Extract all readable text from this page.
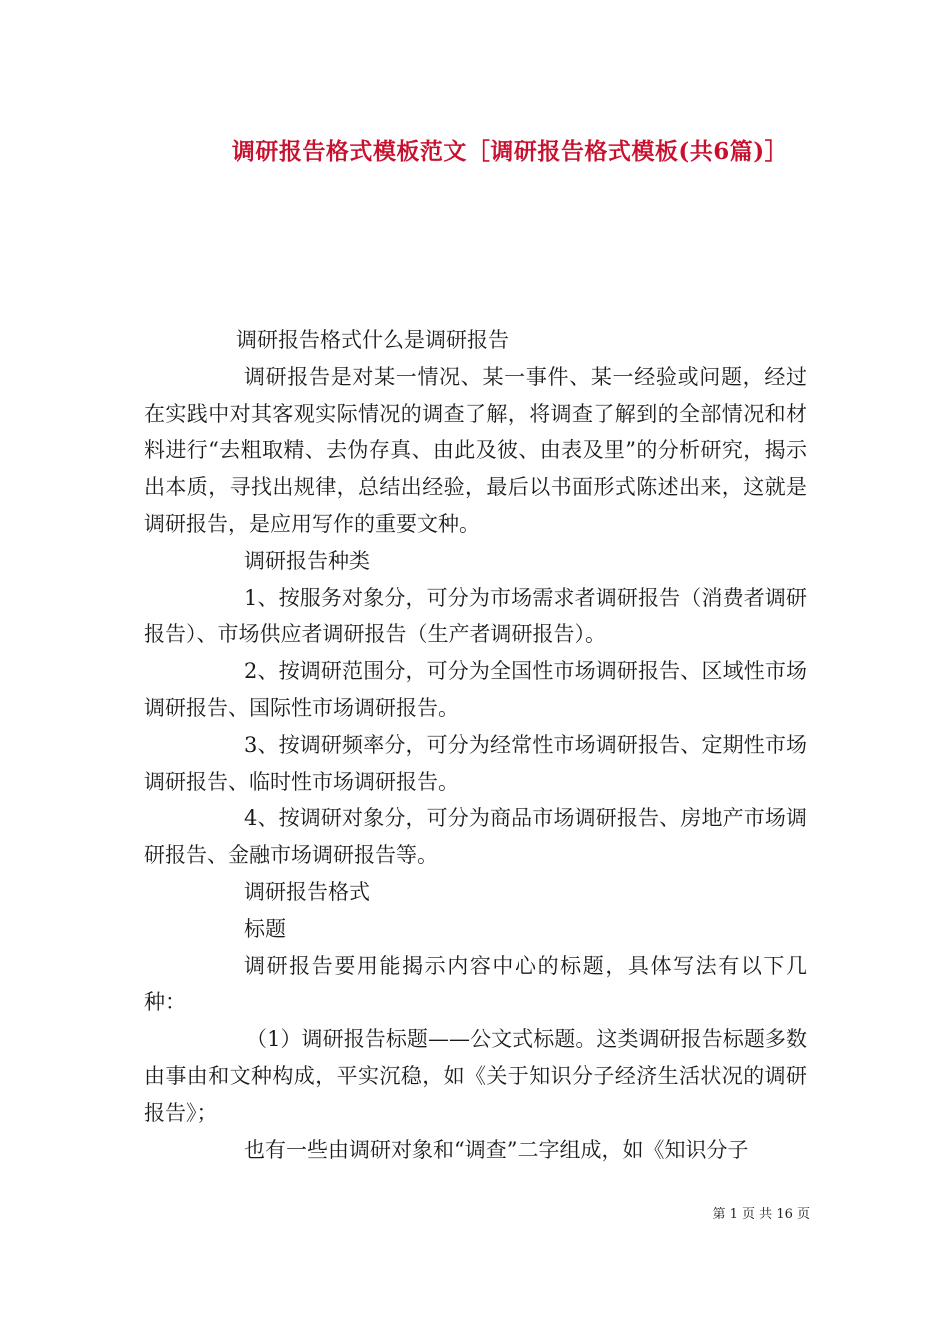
调研报告格式模板范文［调研报告格式模板(共6篇)］

调研报告格式什么是调研报告

调研报告是对某一情况、某一事件、某一经验或问题，经过在实践中对其客观实际情况的调查了解，将调查了解到的全部情况和材料进行“去粗取精、去伪存真、由此及彼、由表及里”的分析研究，揭示出本质，寻找出规律，总结出经验，最后以书面形式陈述出来，这就是调研报告，是应用写作的重要文种。

调研报告种类

1、按服务对象分，可分为市场需求者调研报告（消费者调研报告）、市场供应者调研报告（生产者调研报告）。

2、按调研范围分，可分为全国性市场调研报告、区域性市场调研报告、国际性市场调研报告。

3、按调研频率分，可分为经常性市场调研报告、定期性市场调研报告、临时性市场调研报告。

4、按调研对象分，可分为商品市场调研报告、房地产市场调研报告、金融市场调研报告等。

调研报告格式

标题

调研报告要用能揭示内容中心的标题，具体写法有以下几种：

（1）调研报告标题——公文式标题。这类调研报告标题多数由事由和文种构成，平实沉稳，如《关于知识分子经济生活状况的调研报告》；

也有一些由调研对象和“调查”二字组成，如《知识分子

第 1 页 共 16 页
